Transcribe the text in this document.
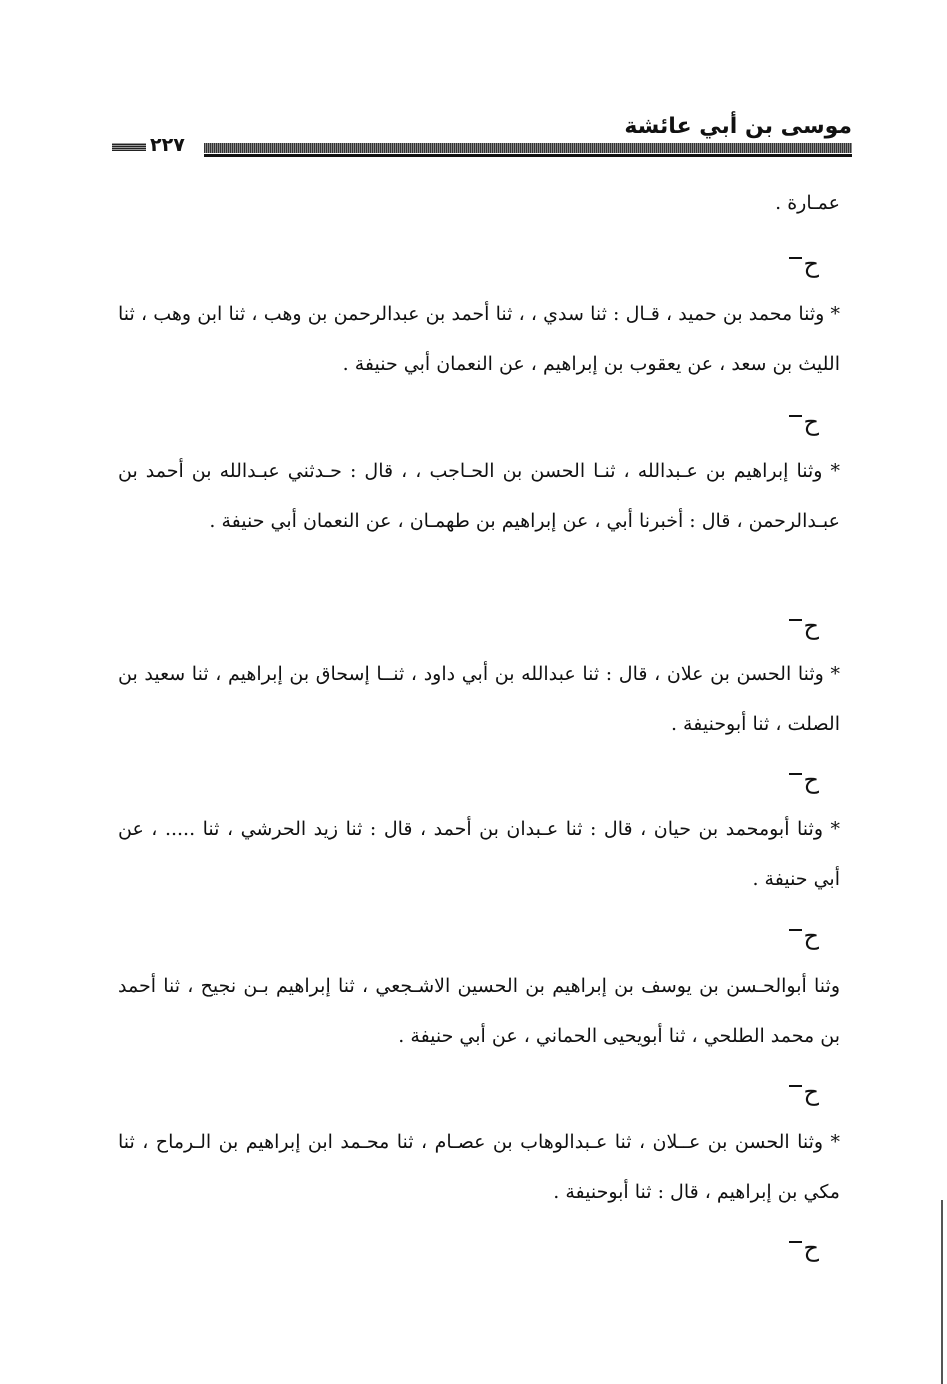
موسى بن أبي عائشة
٢٢٧

عمـارة .

ح

* وثنا محمد بن حميد ، قـال : ثنا سدي ، ، ثنا أحمد بن عبدالرحمن بن وهب ، ثنا ابن وهب ، ثنا الليث بن سعد ، عن يعقوب بن إبراهيم ، عن النعمان أبي حنيفة .

ح

* وثنا إبراهيم بن عـبدالله ، ثنـا الحسن بن الحـاجب ، ، قال : حـدثني عبـدالله بن أحمد بن عبـدالرحمن ، قال : أخبرنا أبي ، عن إبراهيم بن طهمـان ، عن النعمان أبي حنيفة .

ح

* وثنا الحسن بن علان ، قال : ثنا عبدالله بن أبي داود ، ثنــا إسحاق بن إبراهيم ، ثنا سعيد بن الصلت ، ثنا أبوحنيفة .

ح

* وثنا أبومحمد بن حيان ، قال : ثنا عـبدان بن أحمد ، قال : ثنا زيد الحرشي ، ثنا ..... ، عن أبي حنيفة .

ح

وثنا أبوالحـسن بن يوسف بن إبراهيم بن الحسين الاشـجعي ، ثنا إبراهيم بـن نجيح ، ثنا أحمد بن محمد الطلحي ، ثنا أبويحيى الحماني ، عن أبي حنيفة .

ح

* وثنا الحسن بن عــلان ، ثنا عـبدالوهاب بن عصـام ، ثنا محـمد ابن إبراهيم بن الـرماح ، ثنا مكي بن إبراهيم ، قال : ثنا أبوحنيفة .

ح
